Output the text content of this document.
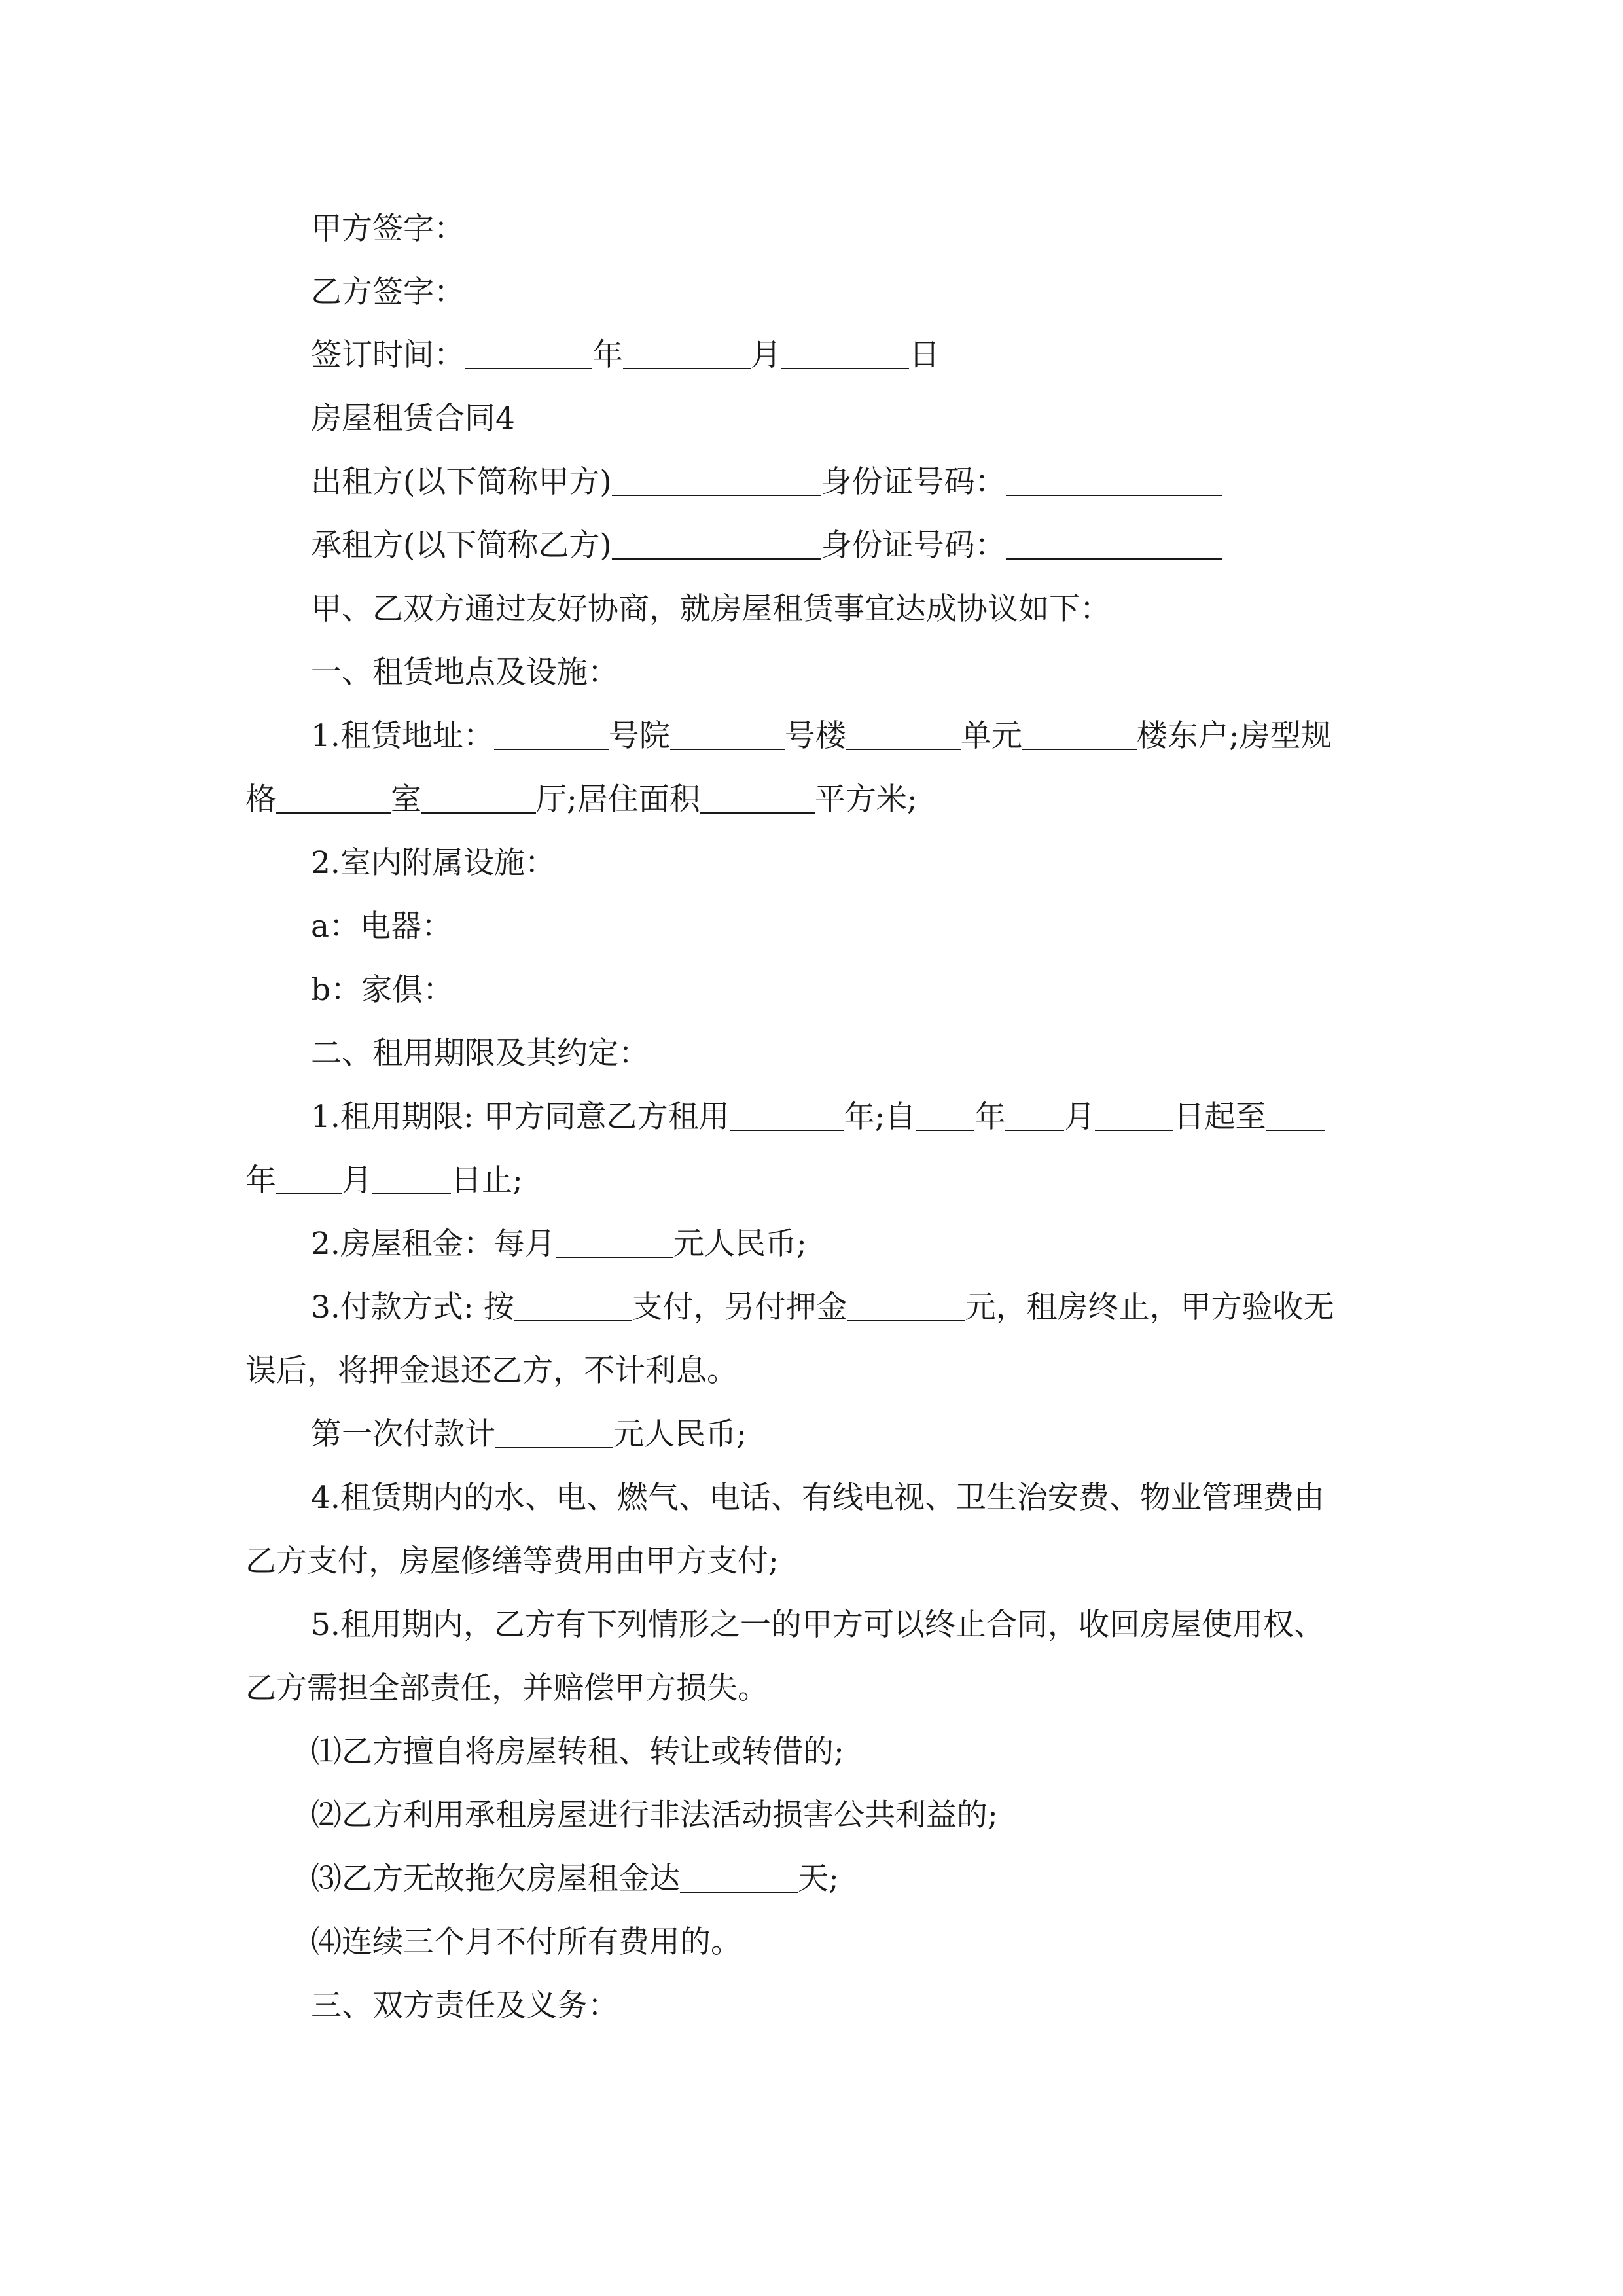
甲方签字：
乙方签字：
签订时间：	年	月	日
房屋租赁合同4
出租方(以下简称甲方)	身份证号码：
承租方(以下简称乙方)	身份证号码：
甲、乙双方通过友好协商，就房屋租赁事宜达成协议如下：
一、租赁地点及设施：
1.租赁地址：	号院	号楼	单元	楼东户;房型规
格	室	厅;居住面积	平方米;
2.室内附属设施：
a：电器：
b：家俱：
二、租用期限及其约定：
1.租用期限: 甲方同意乙方租用	年;自 年 月	日起至
年 月	日止;
2.房屋租金：每月	元人民币;
3.付款方式: 按	支付，另付押金	元，租房终止，甲方验收无
误后，将押金退还乙方，不计利息。
第一次付款计	元人民币;
4.租赁期内的水、电、燃气、电话、有线电视、卫生治安费、物业管理费由
乙方支付，房屋修缮等费用由甲方支付;
5.租用期内，乙方有下列情形之一的甲方可以终止合同，收回房屋使用权、
乙方需担全部责任，并赔偿甲方损失。
⑴乙方擅自将房屋转租、转让或转借的;
⑵乙方利用承租房屋进行非法活动损害公共利益的;
⑶乙方无故拖欠房屋租金达	天;
⑷连续三个月不付所有费用的。
三、双方责任及义务：
